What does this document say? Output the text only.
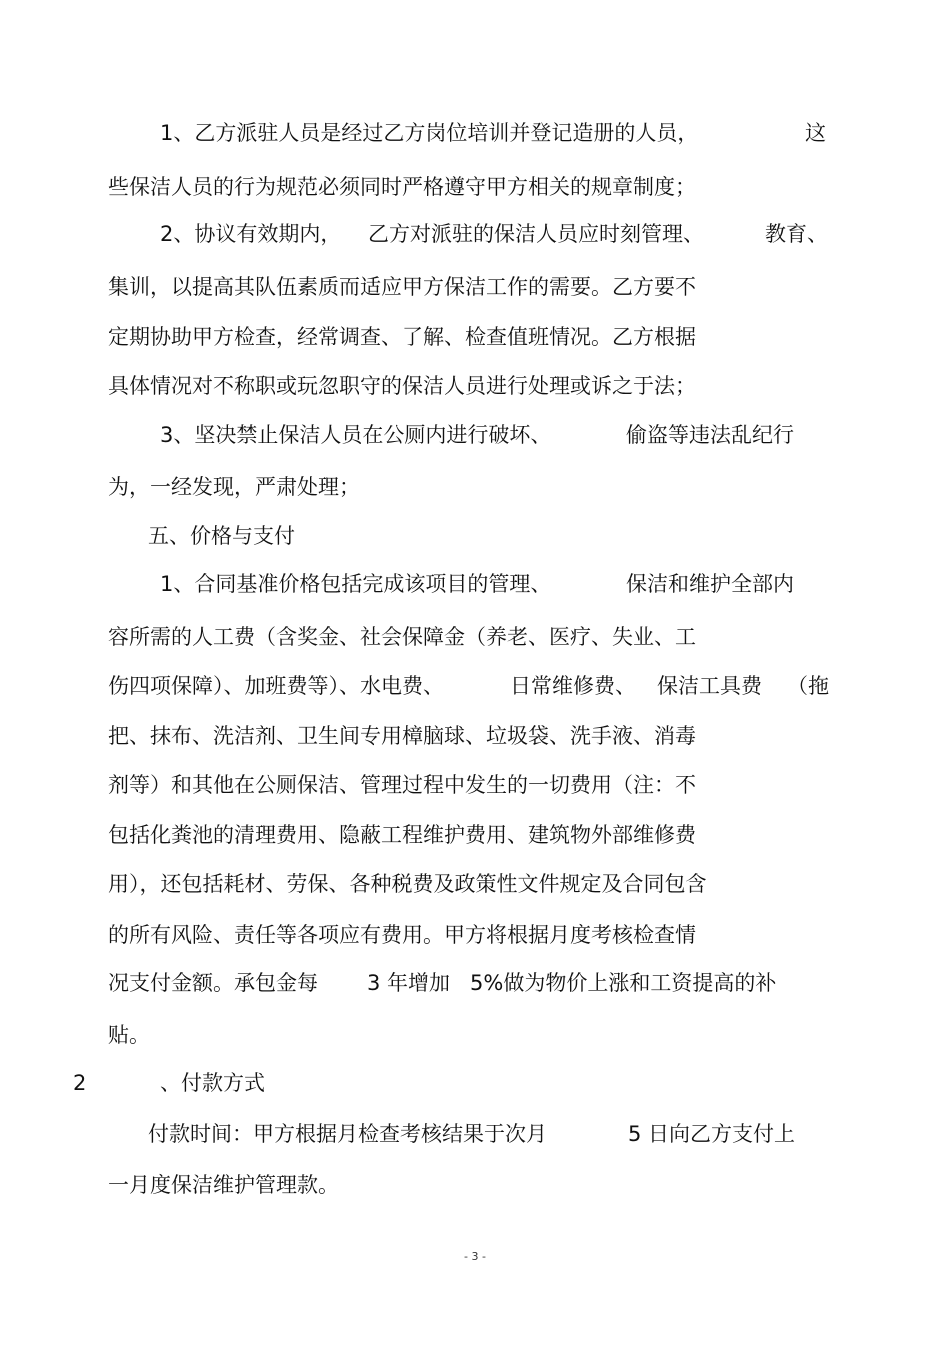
1、乙方派驻人员是经过乙方岗位培训并登记造册的人员，	这
些保洁人员的行为规范必须同时严格遵守甲方相关的规章制度；
2、协议有效期内， 乙方对派驻的保洁人员应时刻管理、	教育、
集训，以提高其队伍素质而适应甲方保洁工作的需要。乙方要不
定期协助甲方检查，经常调查、了解、检查值班情况。乙方根据
具体情况对不称职或玩忽职守的保洁人员进行处理或诉之于法；
3、坚决禁止保洁人员在公厕内进行破坏、	偷盗等违法乱纪行
为，一经发现，严肃处理；
五、价格与支付
1、合同基准价格包括完成该项目的管理、	保洁和维护全部内
容所需的人工费（含奖金、社会保障金（养老、医疗、失业、工
伤四项保障）、加班费等）、水电费、	日常维修费、 保洁工具费 （拖
把、抹布、洗洁剂、卫生间专用樟脑球、垃圾袋、洗手液、消毒
剂等）和其他在公厕保洁、管理过程中发生的一切费用（注：不
包括化粪池的清理费用、隐蔽工程维护费用、建筑物外部维修费
用），还包括耗材、劳保、各种税费及政策性文件规定及合同包含
的所有风险、责任等各项应有费用。甲方将根据月度考核检查情
况支付金额。承包金每 3 年增加 5%做为物价上涨和工资提高的补
贴。
2	、付款方式
付款时间：甲方根据月检查考核结果于次月	5 日向乙方支付上
一月度保洁维护管理款。
- 3 -
